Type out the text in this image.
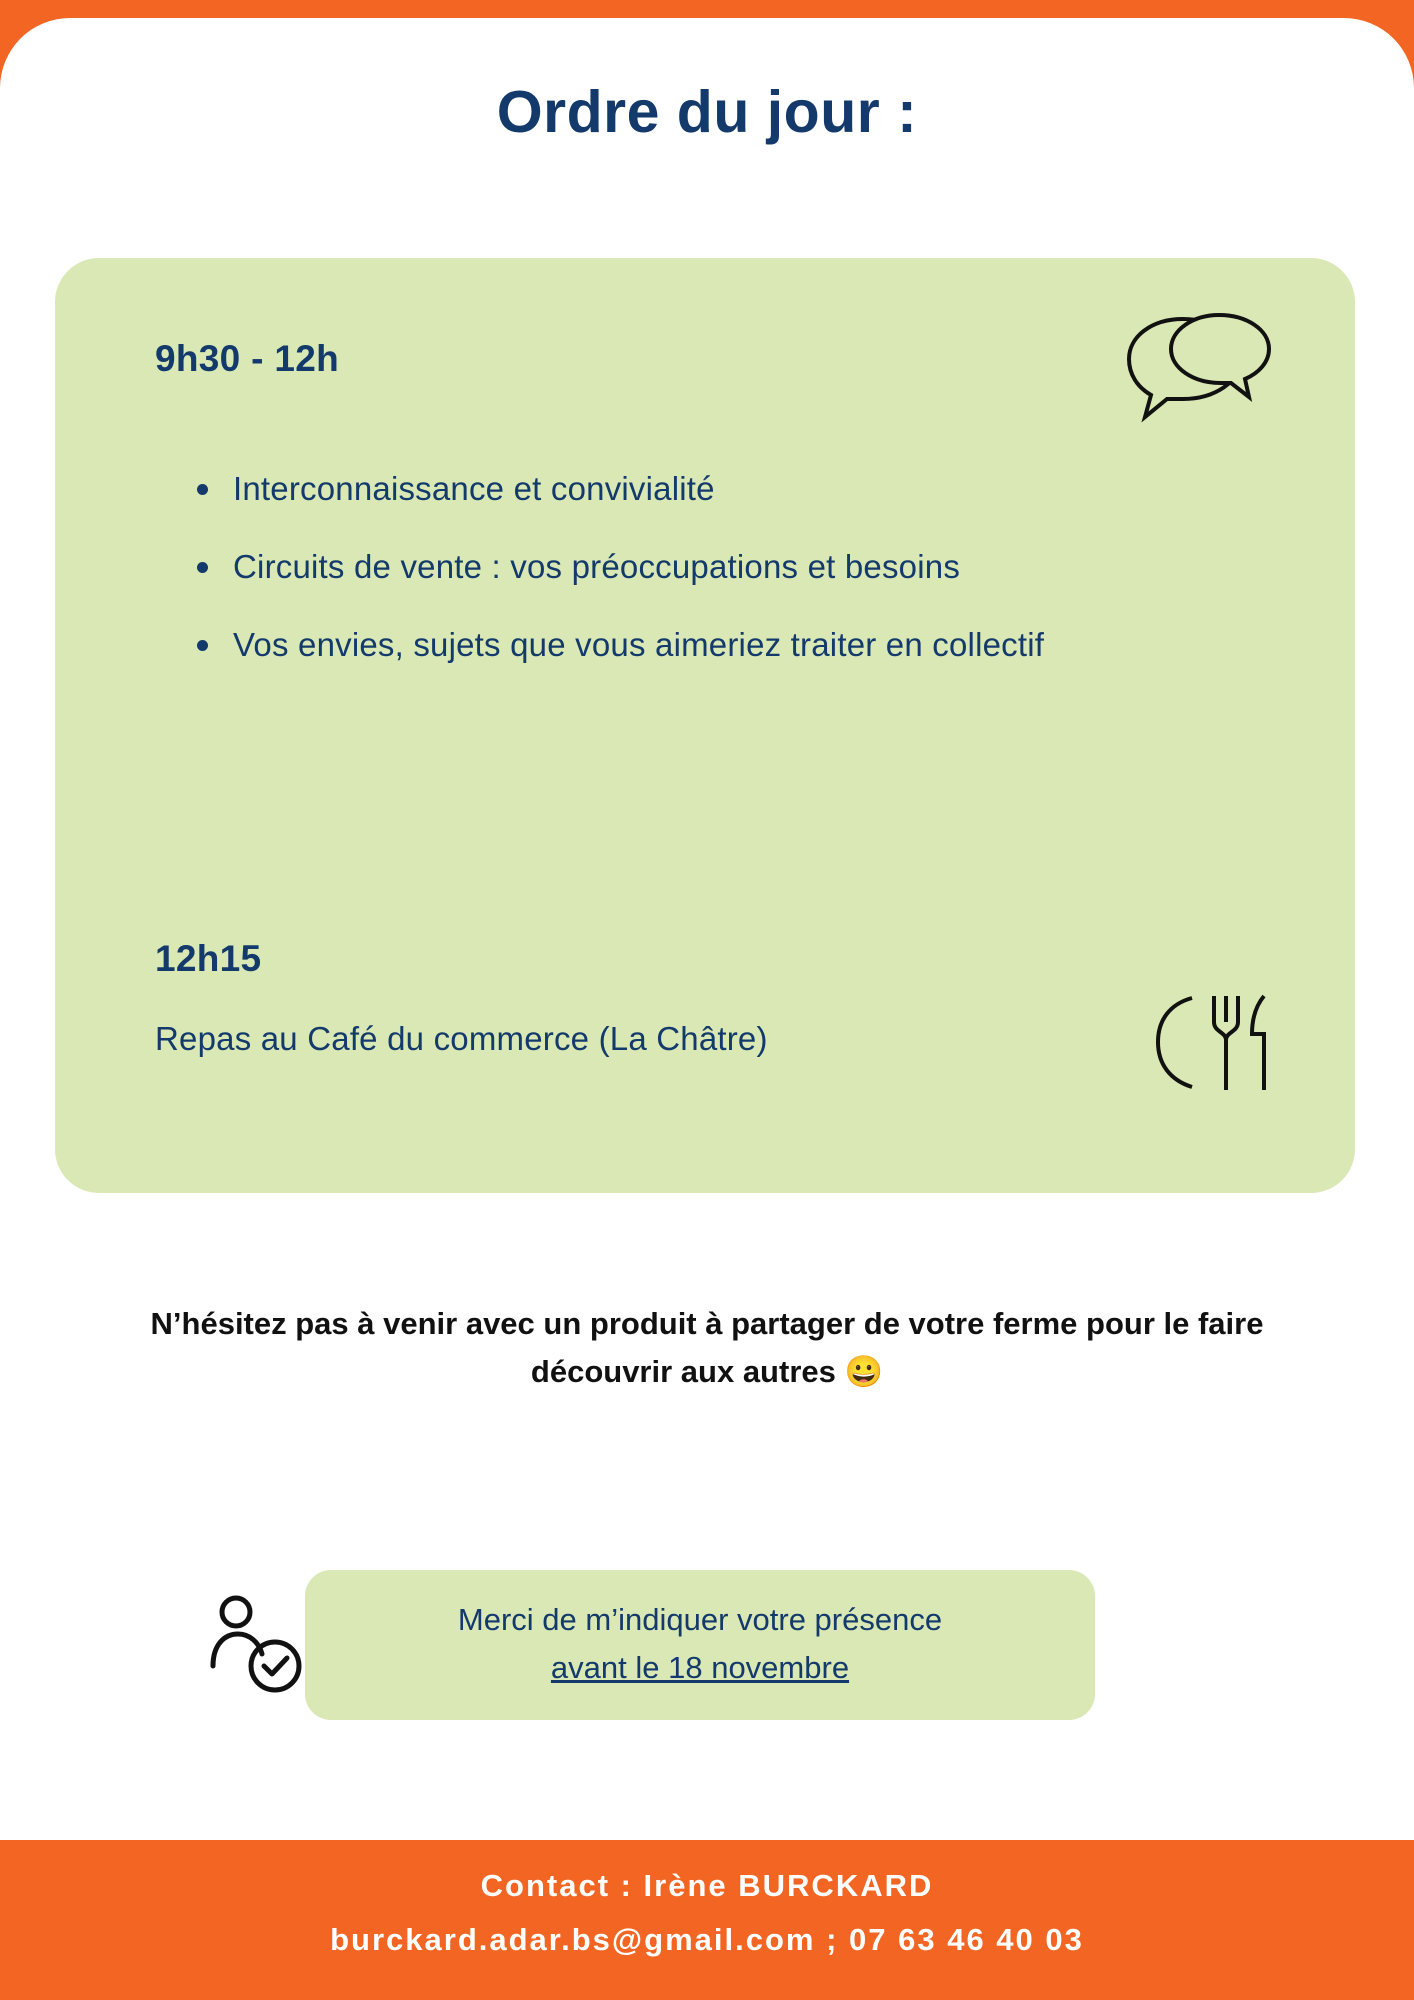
Ordre du jour :
9h30 - 12h
Interconnaissance et convivialité
Circuits de vente : vos préoccupations et besoins
Vos envies, sujets que vous aimeriez traiter en collectif
12h15
Repas au Café du commerce (La Châtre)
N’hésitez pas à venir avec un produit à partager de votre ferme pour le faire découvrir aux autres 😀
Merci de m’indiquer votre présence
avant le 18 novembre
Contact : Irène BURCKARD
burckard.adar.bs@gmail.com ; 07 63 46 40 03
